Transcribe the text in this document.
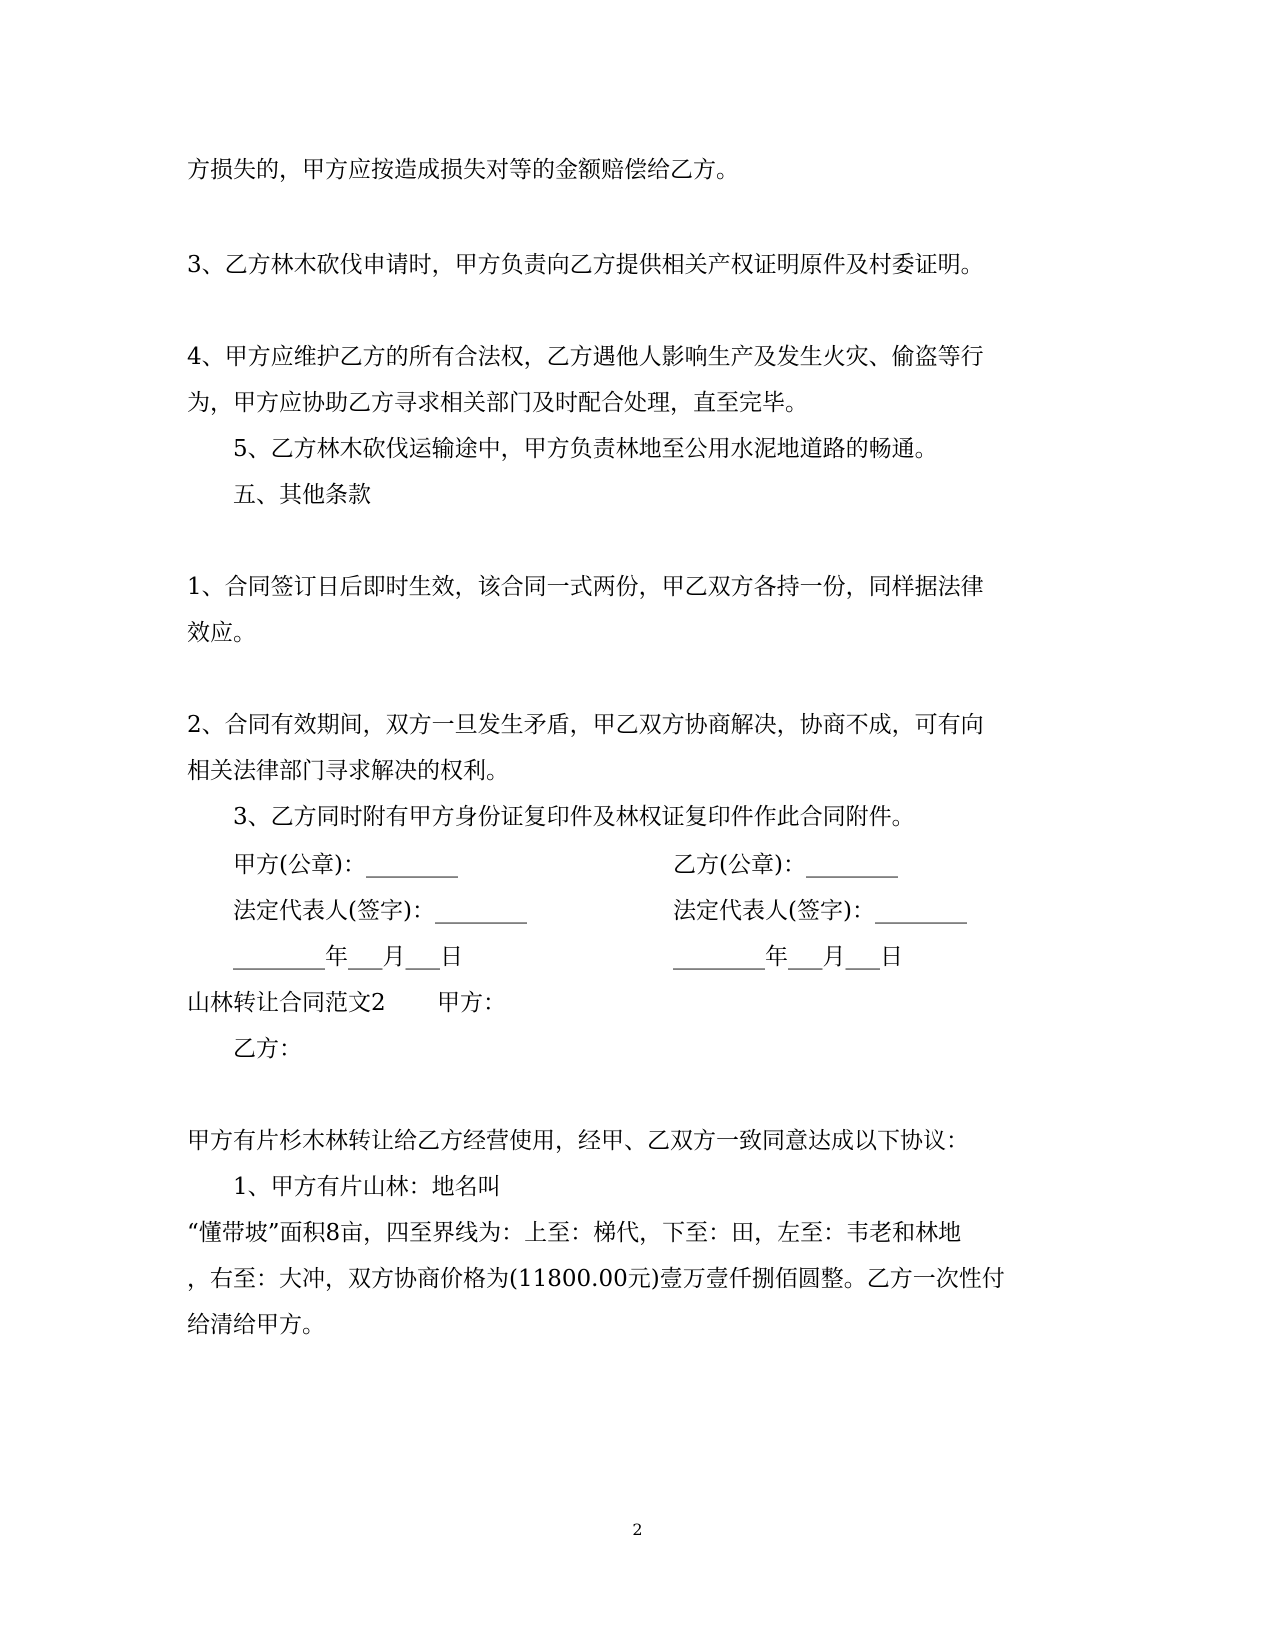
方损失的，甲方应按造成损失对等的金额赔偿给乙方。
3、乙方林木砍伐申请时，甲方负责向乙方提供相关产权证明原件及村委证明。
4、甲方应维护乙方的所有合法权，乙方遇他人影响生产及发生火灾、偷盗等行
为，甲方应协助乙方寻求相关部门及时配合处理，直至完毕。
5、乙方林木砍伐运输途中，甲方负责林地至公用水泥地道路的畅通。
五、其他条款
1、合同签订日后即时生效，该合同一式两份，甲乙双方各持一份，同样据法律
效应。
2、合同有效期间，双方一旦发生矛盾，甲乙双方协商解决，协商不成，可有向
相关法律部门寻求解决的权利。
3、乙方同时附有甲方身份证复印件及林权证复印件作此合同附件。
甲方(公章)：________	乙方(公章)：________
法定代表人(签字)：________	法定代表人(签字)：________
________年___月___日	________年___月___日
山林转让合同范文2 甲方：
乙方：
甲方有片杉木林转让给乙方经营使用，经甲、乙双方一致同意达成以下协议：
1、甲方有片山林：地名叫
“懂带坡”面积8亩，四至界线为：上至：梯代，下至：田，左至：韦老和林地
，右至：大冲，双方协商价格为(11800.00元)壹万壹仟捌佰圆整。乙方一次性付
给清给甲方。
2
